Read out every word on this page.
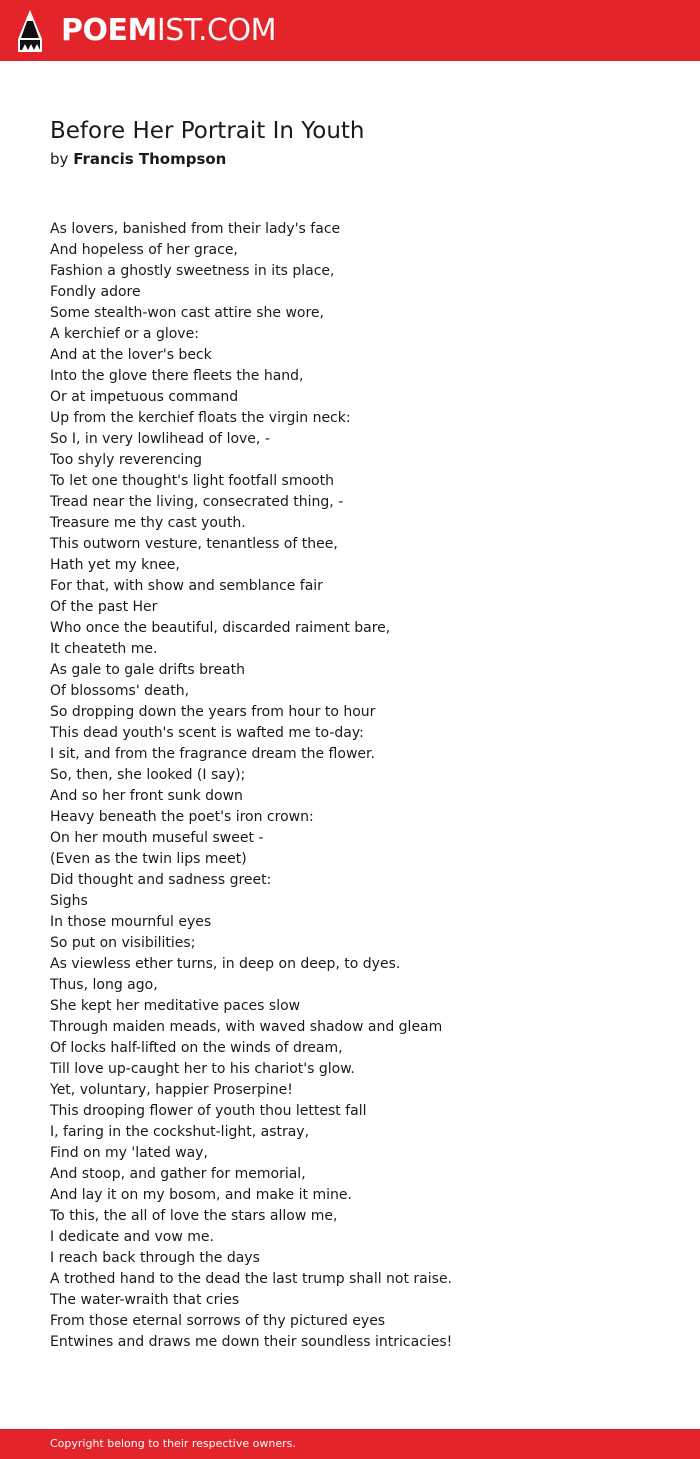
POEMIST.COM
Before Her Portrait In Youth
by Francis Thompson
As lovers, banished from their lady's face
And hopeless of her grace,
Fashion a ghostly sweetness in its place,
Fondly adore
Some stealth-won cast attire she wore,
A kerchief or a glove:
And at the lover's beck
Into the glove there fleets the hand,
Or at impetuous command
Up from the kerchief floats the virgin neck:
So I, in very lowlihead of love, -
Too shyly reverencing
To let one thought's light footfall smooth
Tread near the living, consecrated thing, -
Treasure me thy cast youth.
This outworn vesture, tenantless of thee,
Hath yet my knee,
For that, with show and semblance fair
Of the past Her
Who once the beautiful, discarded raiment bare,
It cheateth me.
As gale to gale drifts breath
Of blossoms' death,
So dropping down the years from hour to hour
This dead youth's scent is wafted me to-day:
I sit, and from the fragrance dream the flower.
So, then, she looked (I say);
And so her front sunk down
Heavy beneath the poet's iron crown:
On her mouth museful sweet -
(Even as the twin lips meet)
Did thought and sadness greet:
Sighs
In those mournful eyes
So put on visibilities;
As viewless ether turns, in deep on deep, to dyes.
Thus, long ago,
She kept her meditative paces slow
Through maiden meads, with waved shadow and gleam
Of locks half-lifted on the winds of dream,
Till love up-caught her to his chariot's glow.
Yet, voluntary, happier Proserpine!
This drooping flower of youth thou lettest fall
I, faring in the cockshut-light, astray,
Find on my 'lated way,
And stoop, and gather for memorial,
And lay it on my bosom, and make it mine.
To this, the all of love the stars allow me,
I dedicate and vow me.
I reach back through the days
A trothed hand to the dead the last trump shall not raise.
The water-wraith that cries
From those eternal sorrows of thy pictured eyes
Entwines and draws me down their soundless intricacies!
Copyright belong to their respective owners.
